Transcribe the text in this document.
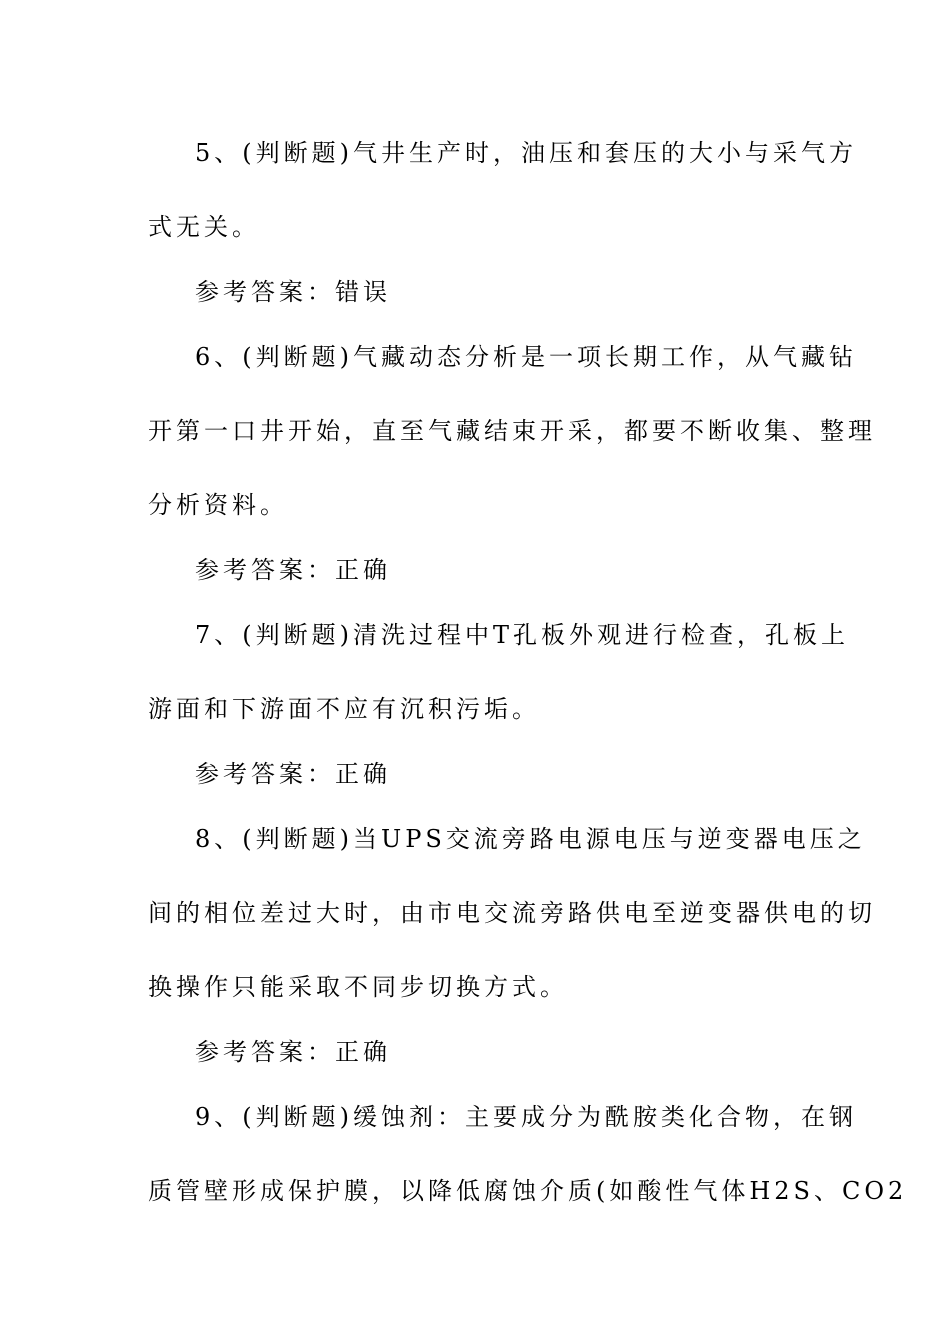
5、(判断题)气井生产时，油压和套压的大小与采气方
式无关。
参考答案：错误
6、(判断题)气藏动态分析是一项长期工作，从气藏钻
开第一口井开始，直至气藏结束开采，都要不断收集、整理
分析资料。
参考答案：正确
7、(判断题)清洗过程中T孔板外观进行检查，孔板上
游面和下游面不应有沉积污垢。
参考答案：正确
8、(判断题)当UPS交流旁路电源电压与逆变器电压之
间的相位差过大时，由市电交流旁路供电至逆变器供电的切
换操作只能采取不同步切换方式。
参考答案：正确
9、(判断题)缓蚀剂：主要成分为酰胺类化合物，在钢
质管壁形成保护膜，以降低腐蚀介质(如酸性气体H2S、CO2
